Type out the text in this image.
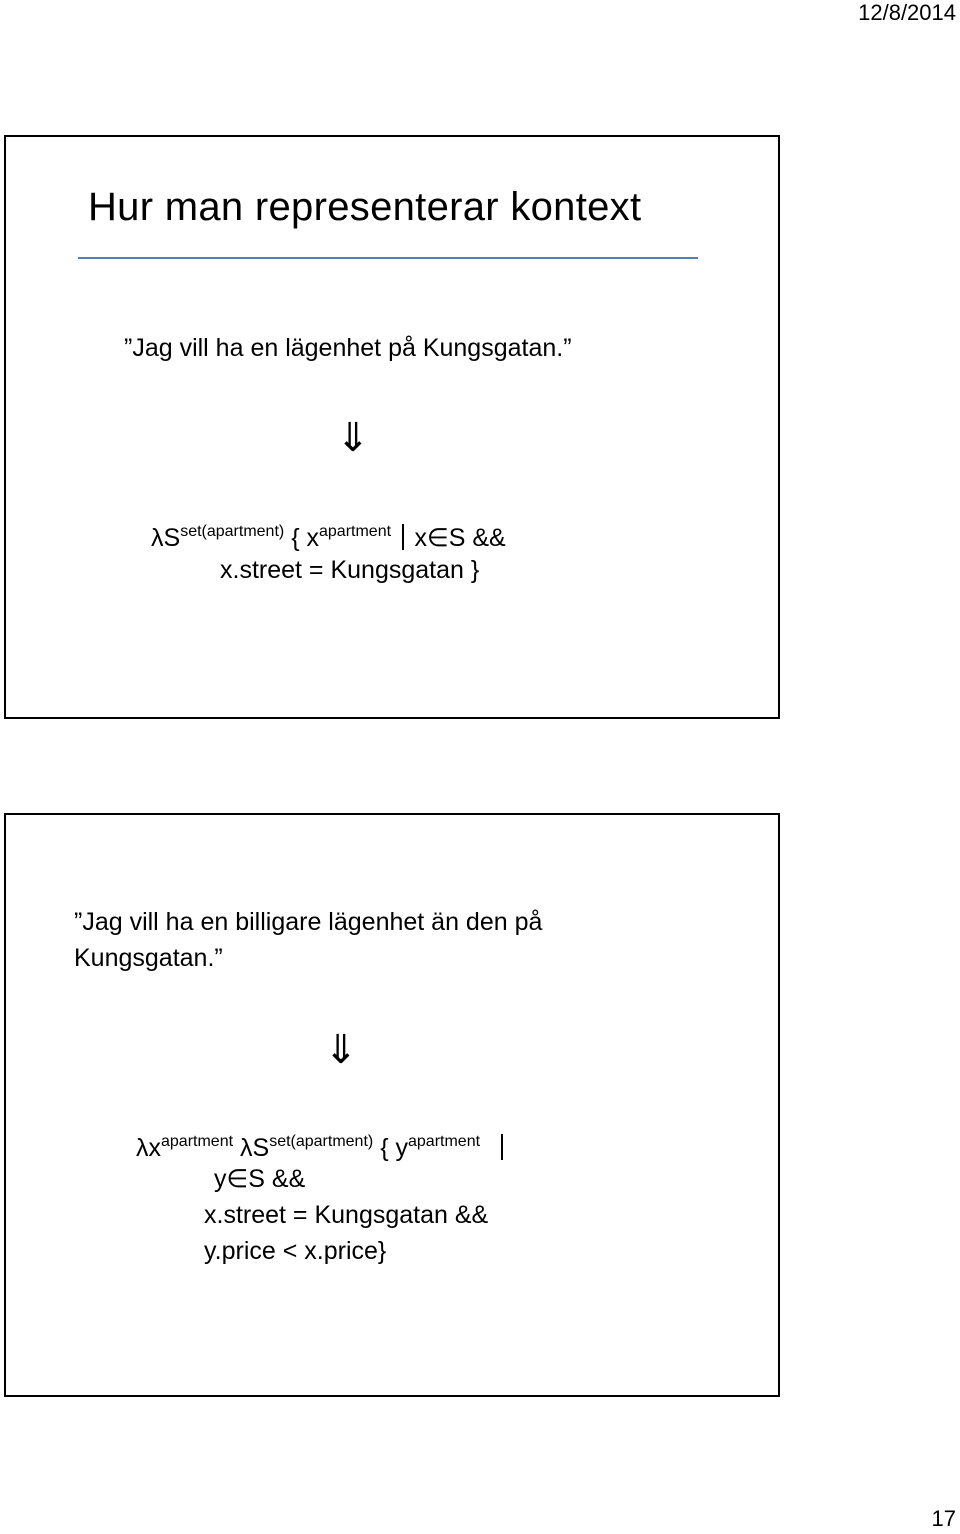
12/8/2014
Hur man representerar kontext
”Jag vill ha en lägenhet på Kungsgatan.”
⇓
$\lambda S^{set(apartment)}$ { $x^{apartment}$ x∈S &&
x.street = Kungsgatan }
”Jag vill ha en billigare lägenhet än den på
Kungsgatan.”
⇓
$\lambda x^{apartment}$ $\lambda S^{set(apartment)}$ { $y^{apartment}$
y∈S &&
x.street = Kungsgatan &&
y.price < x.price}
17
